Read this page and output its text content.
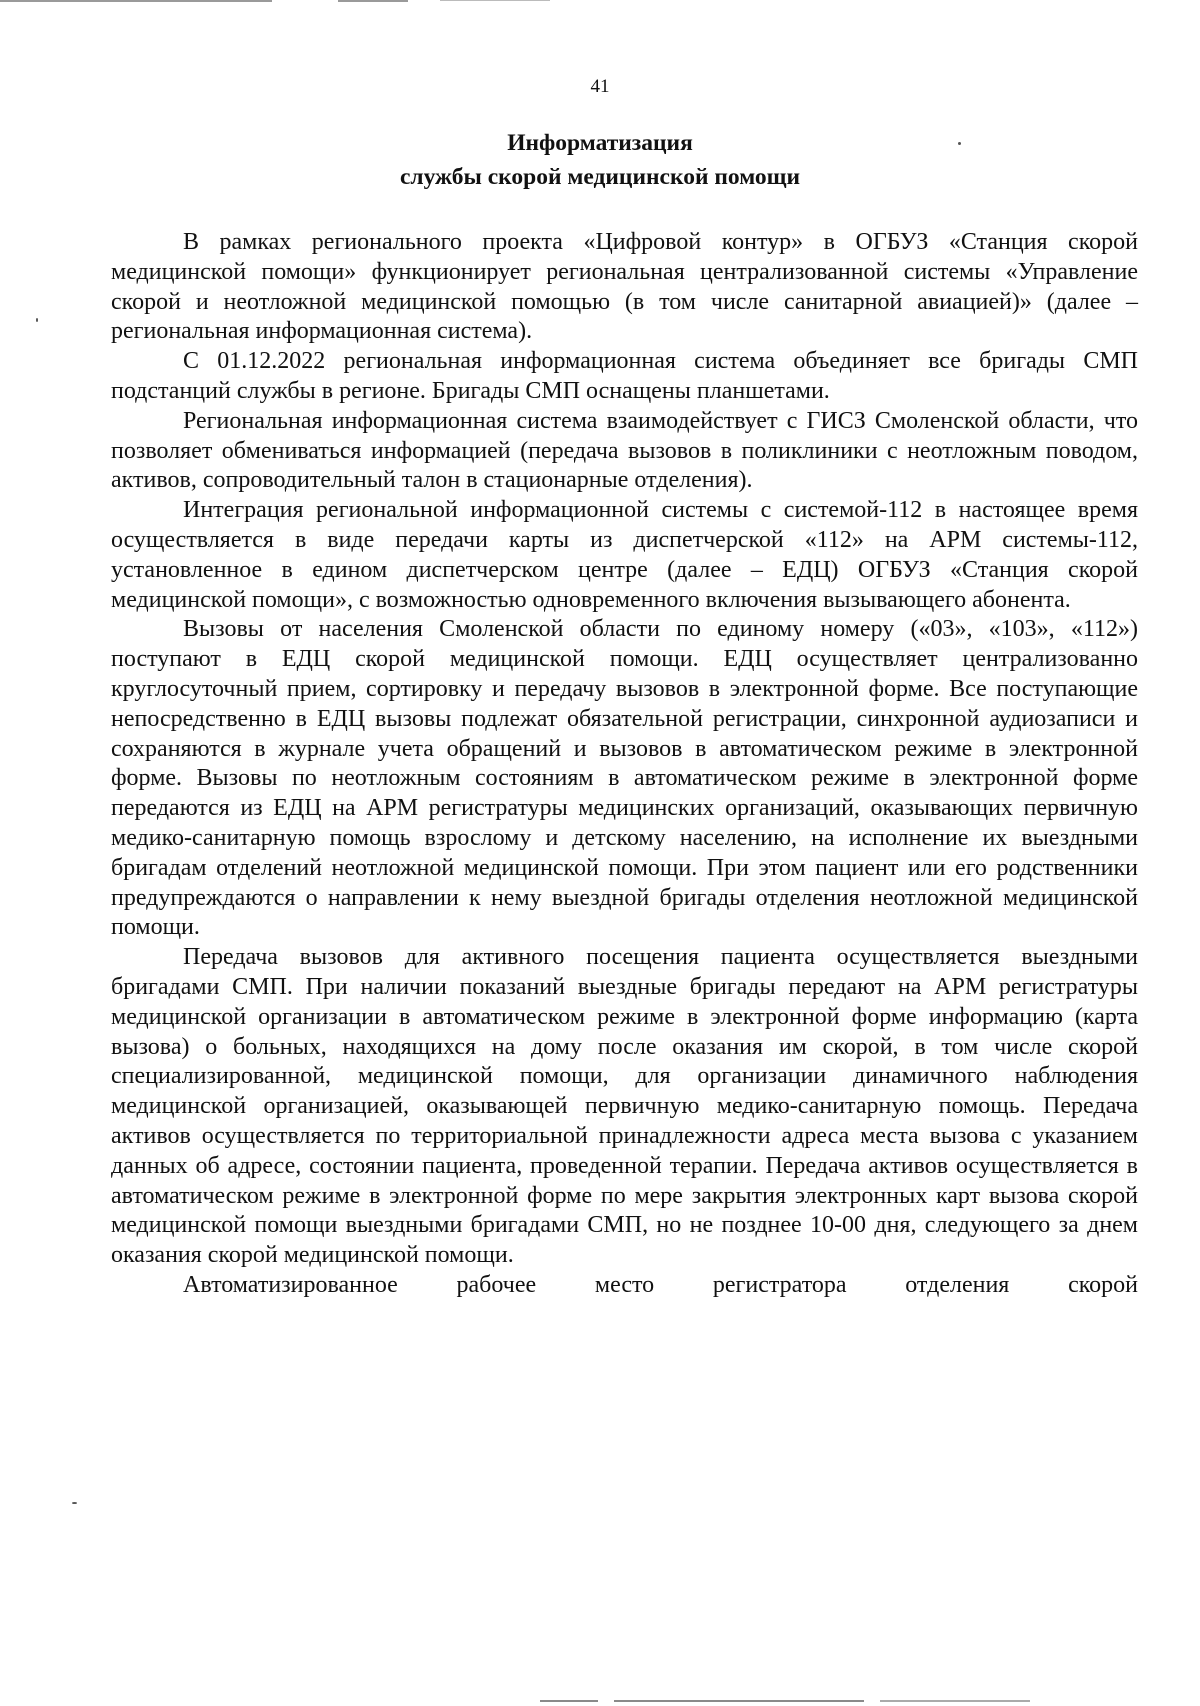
41
Информатизация
службы скорой медицинской помощи

В рамках регионального проекта «Цифровой контур» в ОГБУЗ «Станция скорой медицинской помощи» функционирует региональная централизованной системы «Управление скорой и неотложной медицинской помощью (в том числе санитарной авиацией)» (далее – региональная информационная система).

С 01.12.2022 региональная информационная система объединяет все бригады СМП подстанций службы в регионе. Бригады СМП оснащены планшетами.

Региональная информационная система взаимодействует с ГИСЗ Смоленской области, что позволяет обмениваться информацией (передача вызовов в поликлиники с неотложным поводом, активов, сопроводительный талон в стационарные отделения).

Интеграция региональной информационной системы с системой-112 в настоящее время осуществляется в виде передачи карты из диспетчерской «112» на АРМ системы-112, установленное в едином диспетчерском центре (далее – ЕДЦ) ОГБУЗ «Станция скорой медицинской помощи», с возможностью одновременного включения вызывающего абонента.

Вызовы от населения Смоленской области по единому номеру («03», «103», «112») поступают в ЕДЦ скорой медицинской помощи. ЕДЦ осуществляет централизованно круглосуточный прием, сортировку и передачу вызовов в электронной форме. Все поступающие непосредственно в ЕДЦ вызовы подлежат обязательной регистрации, синхронной аудиозаписи и сохраняются в журнале учета обращений и вызовов в автоматическом режиме в электронной форме. Вызовы по неотложным состояниям в автоматическом режиме в электронной форме передаются из ЕДЦ на АРМ регистратуры медицинских организаций, оказывающих первичную медико-санитарную помощь взрослому и детскому населению, на исполнение их выездными бригадам отделений неотложной медицинской помощи. При этом пациент или его родственники предупреждаются о направлении к нему выездной бригады отделения неотложной медицинской помощи.

Передача вызовов для активного посещения пациента осуществляется выездными бригадами СМП. При наличии показаний выездные бригады передают на АРМ регистратуры медицинской организации в автоматическом режиме в электронной форме информацию (карта вызова) о больных, находящихся на дому после оказания им скорой, в том числе скорой специализированной, медицинской помощи, для организации динамичного наблюдения медицинской организацией, оказывающей первичную медико-санитарную помощь. Передача активов осуществляется по территориальной принадлежности адреса места вызова с указанием данных об адресе, состоянии пациента, проведенной терапии. Передача активов осуществляется в автоматическом режиме в электронной форме по мере закрытия электронных карт вызова скорой медицинской помощи выездными бригадами СМП, но не позднее 10-00 дня, следующего за днем оказания скорой медицинской помощи.

Автоматизированное рабочее место регистратора отделения скорой
